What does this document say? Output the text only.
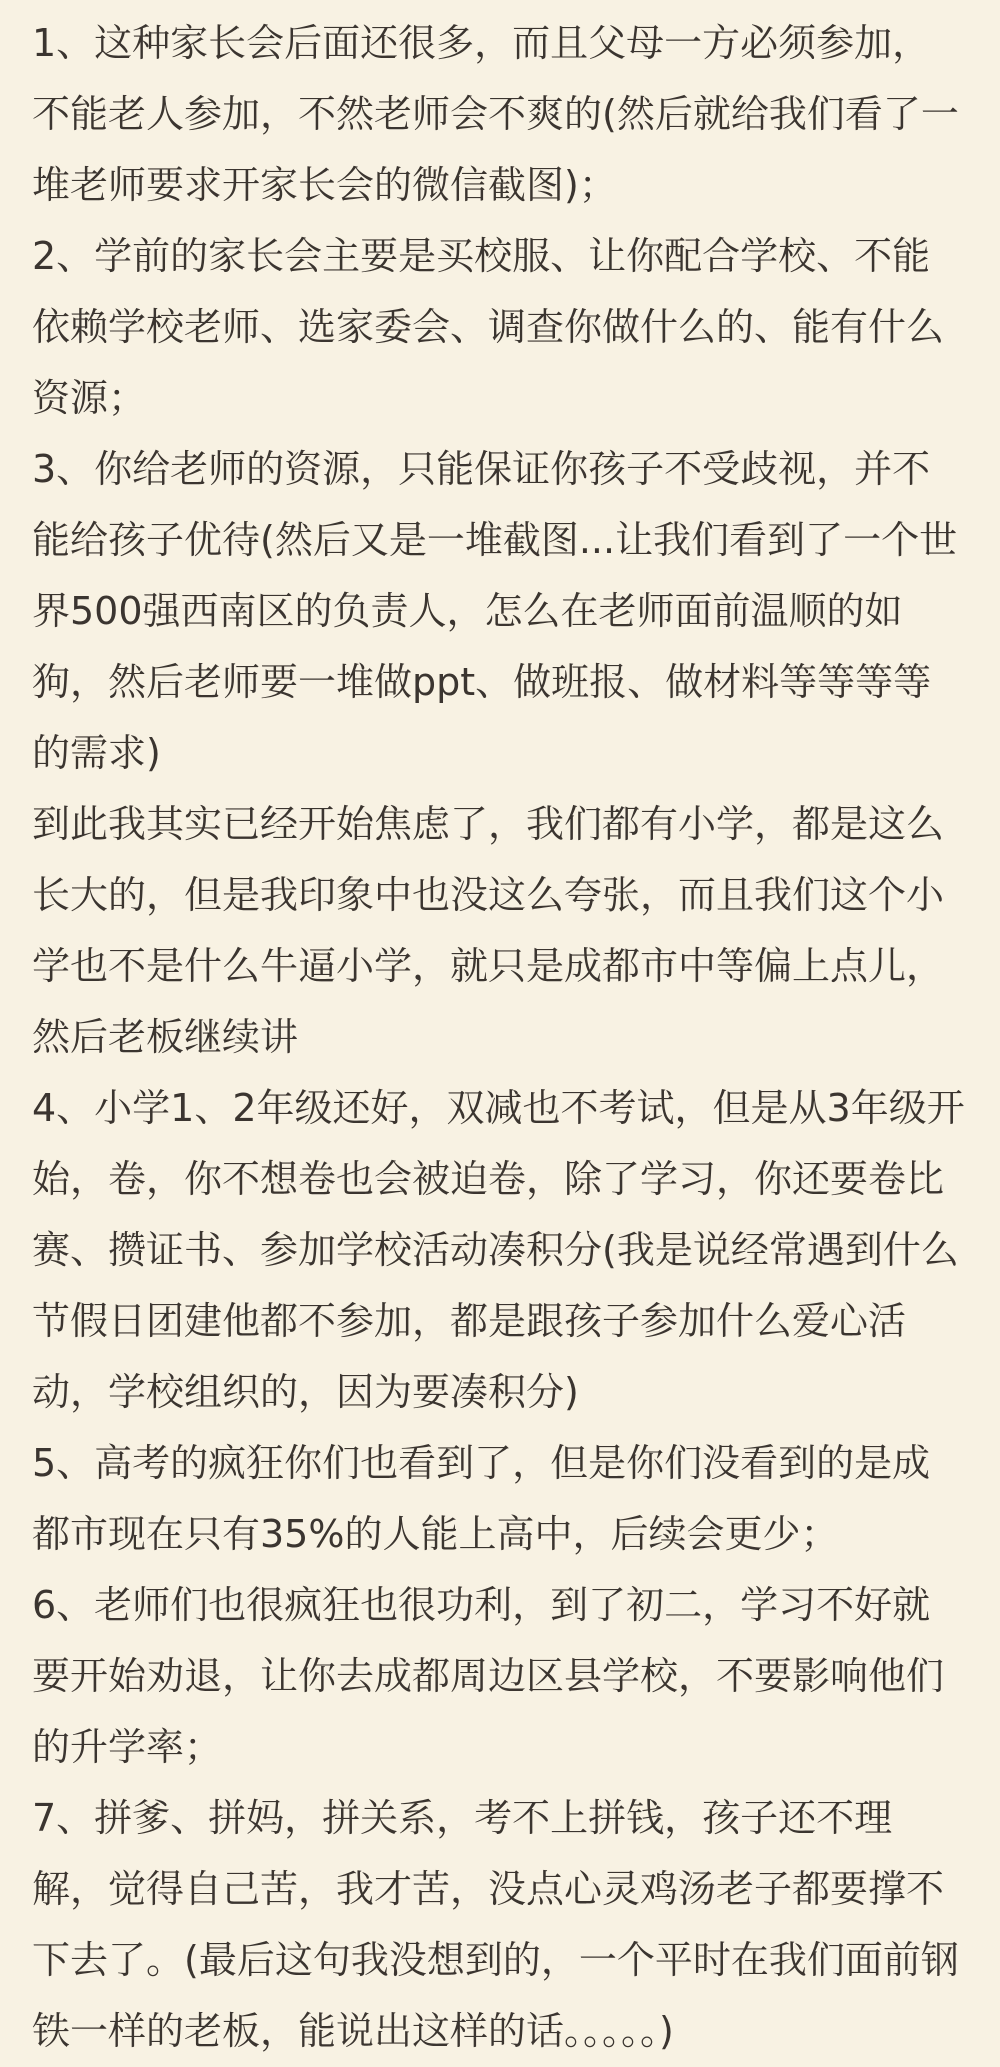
1、这种家长会后面还很多，而且父母一方必须参加，
不能老人参加，不然老师会不爽的(然后就给我们看了一
堆老师要求开家长会的微信截图)；
2、学前的家长会主要是买校服、让你配合学校、不能
依赖学校老师、选家委会、调查你做什么的、能有什么
资源；
3、你给老师的资源，只能保证你孩子不受歧视，并不
能给孩子优待(然后又是一堆截图...让我们看到了一个世
界500强西南区的负责人，怎么在老师面前温顺的如
狗，然后老师要一堆做ppt、做班报、做材料等等等等
的需求)
到此我其实已经开始焦虑了，我们都有小学，都是这么
长大的，但是我印象中也没这么夸张，而且我们这个小
学也不是什么牛逼小学，就只是成都市中等偏上点儿，
然后老板继续讲
4、小学1、2年级还好，双减也不考试，但是从3年级开
始，卷，你不想卷也会被迫卷，除了学习，你还要卷比
赛、攒证书、参加学校活动凑积分(我是说经常遇到什么
节假日团建他都不参加，都是跟孩子参加什么爱心活
动，学校组织的，因为要凑积分)
5、高考的疯狂你们也看到了，但是你们没看到的是成
都市现在只有35%的人能上高中，后续会更少；
6、老师们也很疯狂也很功利，到了初二，学习不好就
要开始劝退，让你去成都周边区县学校，不要影响他们
的升学率；
7、拼爹、拼妈，拼关系，考不上拼钱，孩子还不理
解，觉得自己苦，我才苦，没点心灵鸡汤老子都要撑不
下去了。(最后这句我没想到的，一个平时在我们面前钢
铁一样的老板，能说出这样的话。。。。。)
